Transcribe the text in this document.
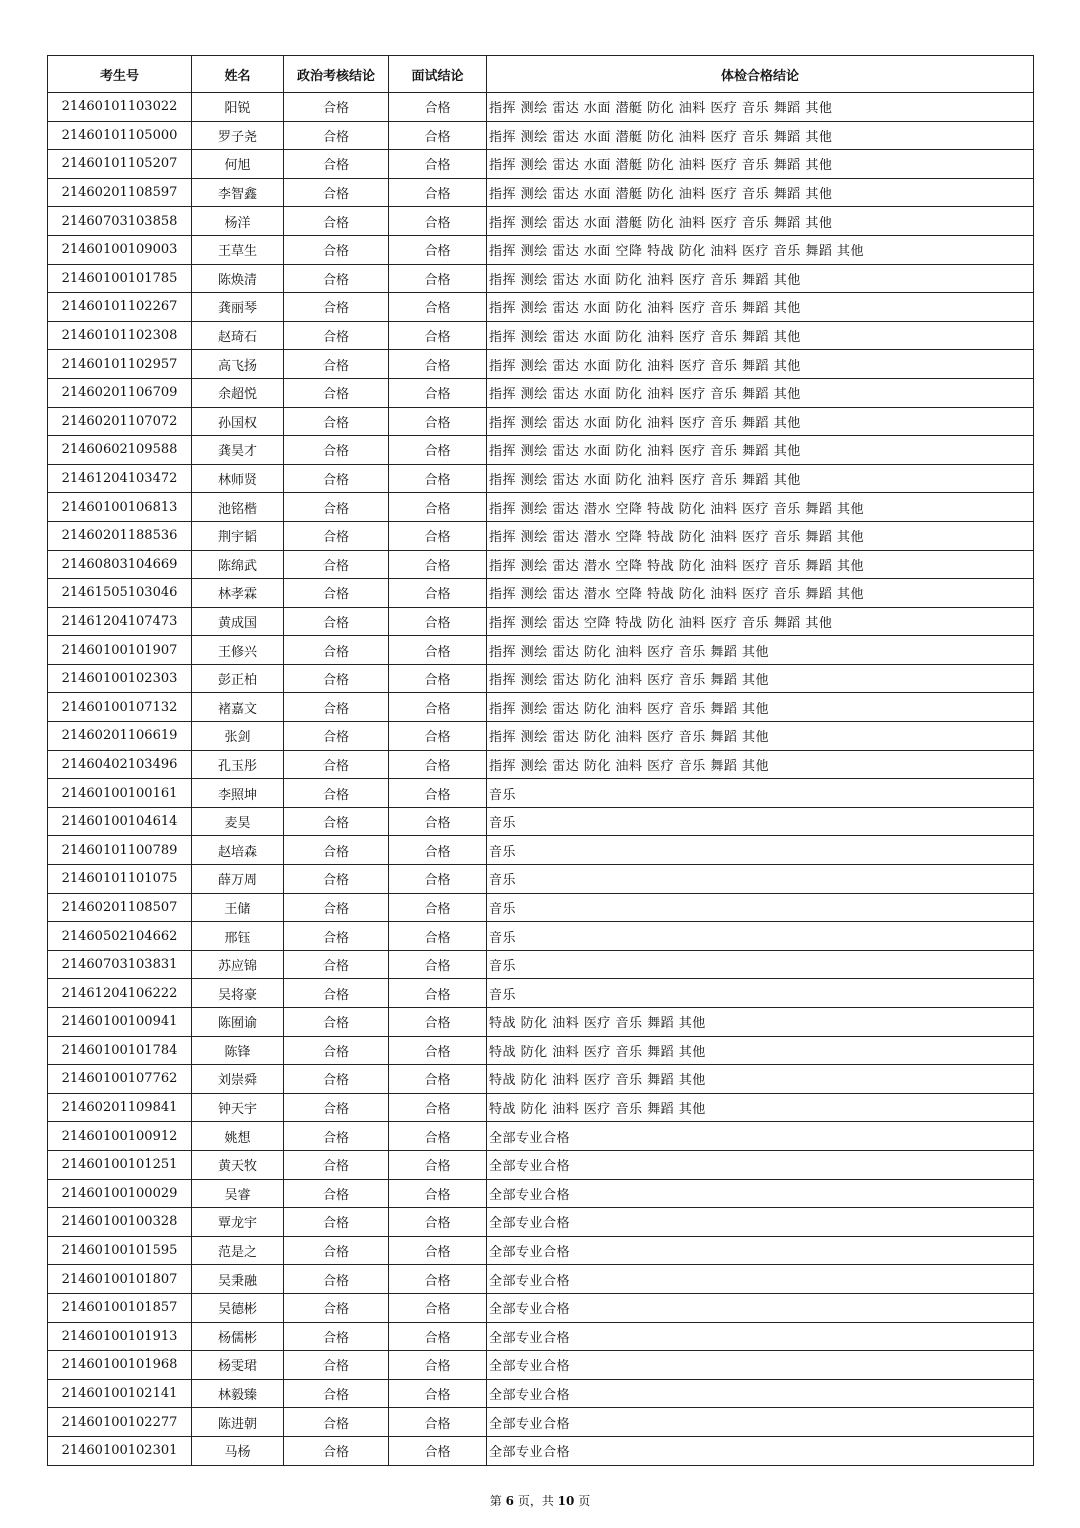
考生号	姓名	政治考核结论	面试结论	体检合格结论
21460101103022	阳锐	合格	合格	指挥 测绘 雷达 水面 潜艇 防化 油料 医疗 音乐 舞蹈 其他
21460101105000	罗子尧	合格	合格	指挥 测绘 雷达 水面 潜艇 防化 油料 医疗 音乐 舞蹈 其他
21460101105207	何旭	合格	合格	指挥 测绘 雷达 水面 潜艇 防化 油料 医疗 音乐 舞蹈 其他
21460201108597	李智鑫	合格	合格	指挥 测绘 雷达 水面 潜艇 防化 油料 医疗 音乐 舞蹈 其他
21460703103858	杨洋	合格	合格	指挥 测绘 雷达 水面 潜艇 防化 油料 医疗 音乐 舞蹈 其他
21460100109003	王草生	合格	合格	指挥 测绘 雷达 水面 空降 特战 防化 油料 医疗 音乐 舞蹈 其他
21460100101785	陈焕清	合格	合格	指挥 测绘 雷达 水面 防化 油料 医疗 音乐 舞蹈 其他
21460101102267	龚丽琴	合格	合格	指挥 测绘 雷达 水面 防化 油料 医疗 音乐 舞蹈 其他
21460101102308	赵琦石	合格	合格	指挥 测绘 雷达 水面 防化 油料 医疗 音乐 舞蹈 其他
21460101102957	高飞扬	合格	合格	指挥 测绘 雷达 水面 防化 油料 医疗 音乐 舞蹈 其他
21460201106709	余超悦	合格	合格	指挥 测绘 雷达 水面 防化 油料 医疗 音乐 舞蹈 其他
21460201107072	孙国权	合格	合格	指挥 测绘 雷达 水面 防化 油料 医疗 音乐 舞蹈 其他
21460602109588	龚昊才	合格	合格	指挥 测绘 雷达 水面 防化 油料 医疗 音乐 舞蹈 其他
21461204103472	林师贤	合格	合格	指挥 测绘 雷达 水面 防化 油料 医疗 音乐 舞蹈 其他
21460100106813	池铭楷	合格	合格	指挥 测绘 雷达 潜水 空降 特战 防化 油料 医疗 音乐 舞蹈 其他
21460201188536	荆宇韬	合格	合格	指挥 测绘 雷达 潜水 空降 特战 防化 油料 医疗 音乐 舞蹈 其他
21460803104669	陈绵武	合格	合格	指挥 测绘 雷达 潜水 空降 特战 防化 油料 医疗 音乐 舞蹈 其他
21461505103046	林孝霖	合格	合格	指挥 测绘 雷达 潜水 空降 特战 防化 油料 医疗 音乐 舞蹈 其他
21461204107473	黄成国	合格	合格	指挥 测绘 雷达 空降 特战 防化 油料 医疗 音乐 舞蹈 其他
21460100101907	王修兴	合格	合格	指挥 测绘 雷达 防化 油料 医疗 音乐 舞蹈 其他
21460100102303	彭正柏	合格	合格	指挥 测绘 雷达 防化 油料 医疗 音乐 舞蹈 其他
21460100107132	褚嘉文	合格	合格	指挥 测绘 雷达 防化 油料 医疗 音乐 舞蹈 其他
21460201106619	张剑	合格	合格	指挥 测绘 雷达 防化 油料 医疗 音乐 舞蹈 其他
21460402103496	孔玉彤	合格	合格	指挥 测绘 雷达 防化 油料 医疗 音乐 舞蹈 其他
21460100100161	李照坤	合格	合格	音乐
21460100104614	麦昊	合格	合格	音乐
21460101100789	赵培森	合格	合格	音乐
21460101101075	薛万周	合格	合格	音乐
21460201108507	王储	合格	合格	音乐
21460502104662	邢钰	合格	合格	音乐
21460703103831	苏应锦	合格	合格	音乐
21461204106222	吴将豪	合格	合格	音乐
21460100100941	陈囿谕	合格	合格	特战 防化 油料 医疗 音乐 舞蹈 其他
21460100101784	陈锋	合格	合格	特战 防化 油料 医疗 音乐 舞蹈 其他
21460100107762	刘崇舜	合格	合格	特战 防化 油料 医疗 音乐 舞蹈 其他
21460201109841	钟天宇	合格	合格	特战 防化 油料 医疗 音乐 舞蹈 其他
21460100100912	姚想	合格	合格	全部专业合格
21460100101251	黄天牧	合格	合格	全部专业合格
21460100100029	吴睿	合格	合格	全部专业合格
21460100100328	覃龙宇	合格	合格	全部专业合格
21460100101595	范是之	合格	合格	全部专业合格
21460100101807	吴秉融	合格	合格	全部专业合格
21460100101857	吴德彬	合格	合格	全部专业合格
21460100101913	杨儒彬	合格	合格	全部专业合格
21460100101968	杨雯珺	合格	合格	全部专业合格
21460100102141	林毅臻	合格	合格	全部专业合格
21460100102277	陈进朝	合格	合格	全部专业合格
21460100102301	马杨	合格	合格	全部专业合格
第 6 页，共 10 页
